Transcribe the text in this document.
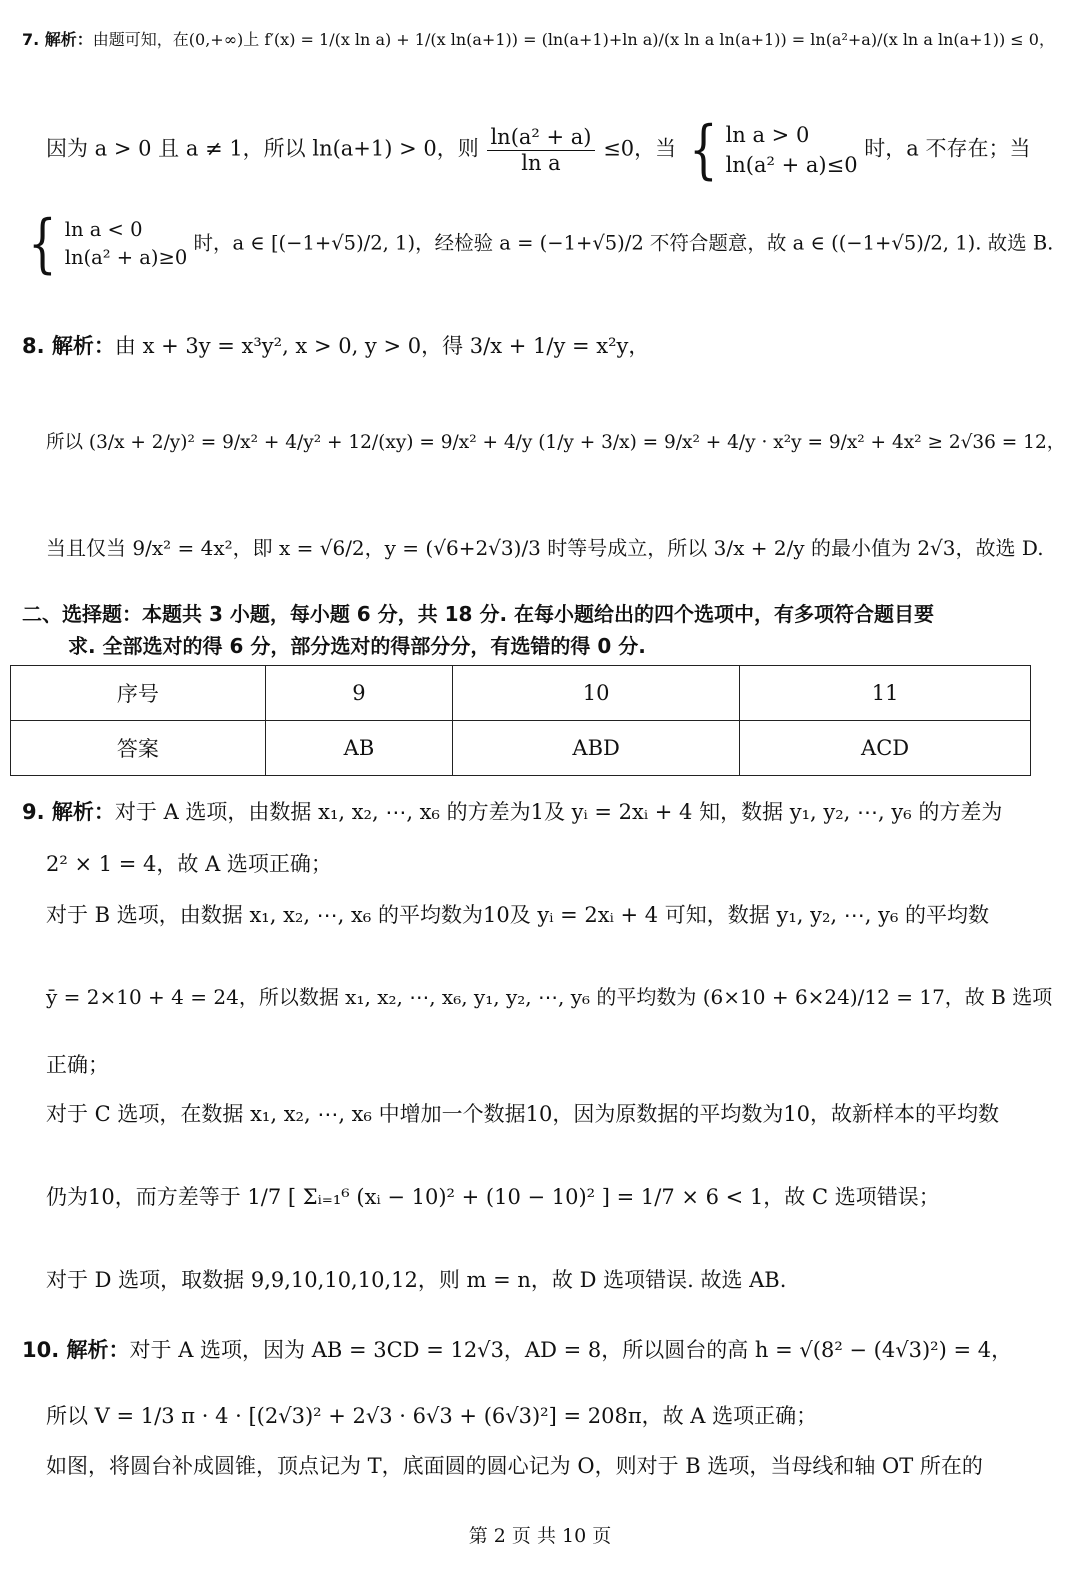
7. 解析：由题可知，在(0,+∞)上 f′(x) = 1/(x ln a) + 1/(x ln(a+1)) = (ln(a+1)+ln a)/(x ln a ln(a+1)) = ln(a²+a)/(x ln a ln(a+1)) ≤ 0，
因为 a > 0 且 a ≠ 1，所以 ln(a+1) > 0，则 $\frac{\text{ln(a² + a)}}{\text{ln a}} \le 0$，当 { ln a > 0
ln(a² + a)≤0
时，a 不存在；当
{ ln a < 0
ln(a² + a)≥0
时，a ∈ [(−1+√5)/2, 1)，经检验 a = (−1+√5)/2 不符合题意，故 a ∈ ((−1+√5)/2, 1). 故选 B.
8. 解析：由 x + 3y = x³y², x > 0, y > 0，得 3/x + 1/y = x²y，
所以 (3/x + 2/y)² = 9/x² + 4/y² + 12/(xy) = 9/x² + 4/y (1/y + 3/x) = 9/x² + 4/y · x²y = 9/x² + 4x² ≥ 2√36 = 12，
当且仅当 9/x² = 4x²，即 x = √6/2，y = (√6+2√3)/3 时等号成立，所以 3/x + 2/y 的最小值为 2√3，故选 D.
二、选择题：本题共 3 小题，每小题 6 分，共 18 分. 在每小题给出的四个选项中，有多项符合题目要
求. 全部选对的得 6 分，部分选对的得部分分，有选错的得 0 分.
序号	9	10	11
答案	AB	ABD	ACD
9. 解析：对于 A 选项，由数据 x₁, x₂, ⋯, x₆ 的方差为1及 yᵢ = 2xᵢ + 4 知，数据 y₁, y₂, ⋯, y₆ 的方差为
2² × 1 = 4，故 A 选项正确；
对于 B 选项，由数据 x₁, x₂, ⋯, x₆ 的平均数为10及 yᵢ = 2xᵢ + 4 可知，数据 y₁, y₂, ⋯, y₆ 的平均数
ȳ = 2×10 + 4 = 24，所以数据 x₁, x₂, ⋯, x₆, y₁, y₂, ⋯, y₆ 的平均数为 (6×10 + 6×24)/12 = 17，故 B 选项
正确；
对于 C 选项，在数据 x₁, x₂, ⋯, x₆ 中增加一个数据10，因为原数据的平均数为10，故新样本的平均数
仍为10，而方差等于 1/7 [ Σᵢ₌₁⁶ (xᵢ − 10)² + (10 − 10)² ] = 1/7 × 6 < 1，故 C 选项错误；
对于 D 选项，取数据 9,9,10,10,10,12，则 m = n，故 D 选项错误. 故选 AB.
10. 解析：对于 A 选项，因为 AB = 3CD = 12√3，AD = 8，所以圆台的高 h = √(8² − (4√3)²) = 4，
所以 V = 1/3 π · 4 · [(2√3)² + 2√3 · 6√3 + (6√3)²] = 208π，故 A 选项正确；
如图，将圆台补成圆锥，顶点记为 T，底面圆的圆心记为 O，则对于 B 选项，当母线和轴 OT 所在的
第 2 页 共 10 页
